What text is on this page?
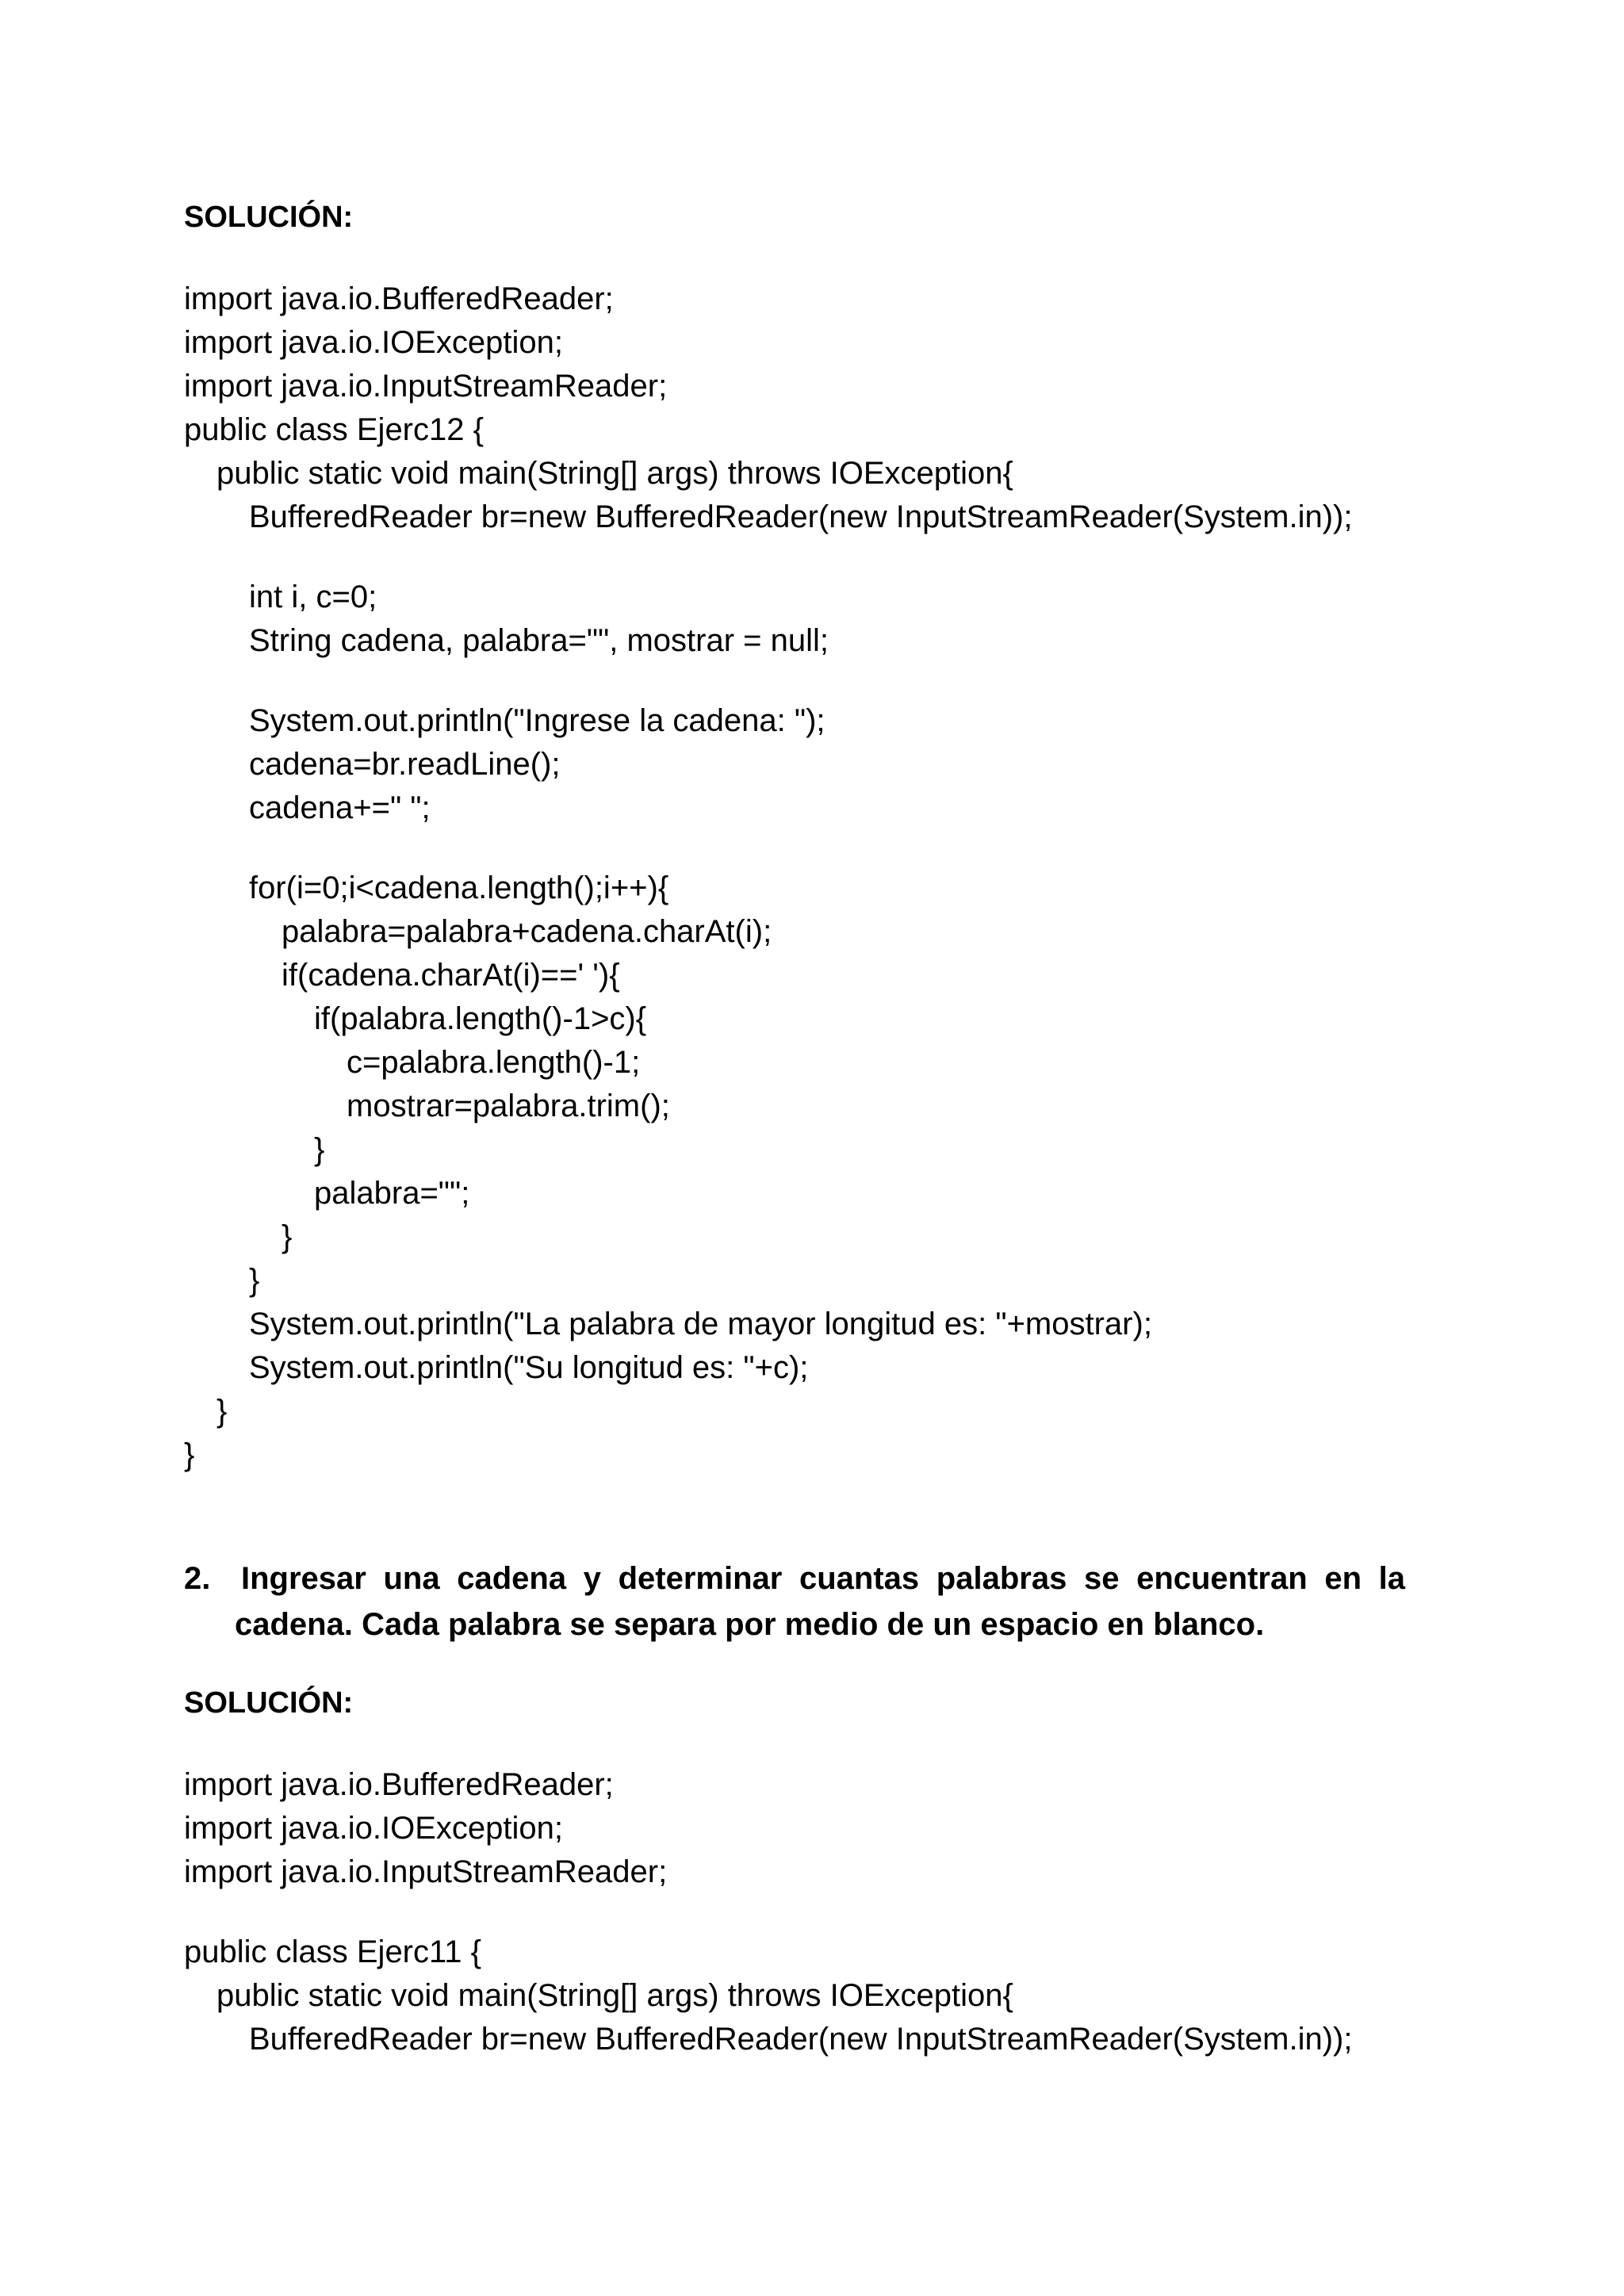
SOLUCIÓN:
import java.io.BufferedReader;
import java.io.IOException;
import java.io.InputStreamReader;
public class Ejerc12 {
public static void main(String[] args) throws IOException{
BufferedReader br=new BufferedReader(new InputStreamReader(System.in));
int i, c=0;
String cadena, palabra="", mostrar = null;
System.out.println("Ingrese la cadena: ");
cadena=br.readLine();
cadena+=" ";
for(i=0;i<cadena.length();i++){
palabra=palabra+cadena.charAt(i);
if(cadena.charAt(i)==' '){
if(palabra.length()-1>c){
c=palabra.length()-1;
mostrar=palabra.trim();
}
palabra="";
}
}
System.out.println("La palabra de mayor longitud es: "+mostrar);
System.out.println("Su longitud es: "+c);
}
}
2. Ingresar una cadena y determinar cuantas palabras se encuentran en la
cadena. Cada palabra se separa por medio de un espacio en blanco.
SOLUCIÓN:
import java.io.BufferedReader;
import java.io.IOException;
import java.io.InputStreamReader;
public class Ejerc11 {
public static void main(String[] args) throws IOException{
BufferedReader br=new BufferedReader(new InputStreamReader(System.in));
